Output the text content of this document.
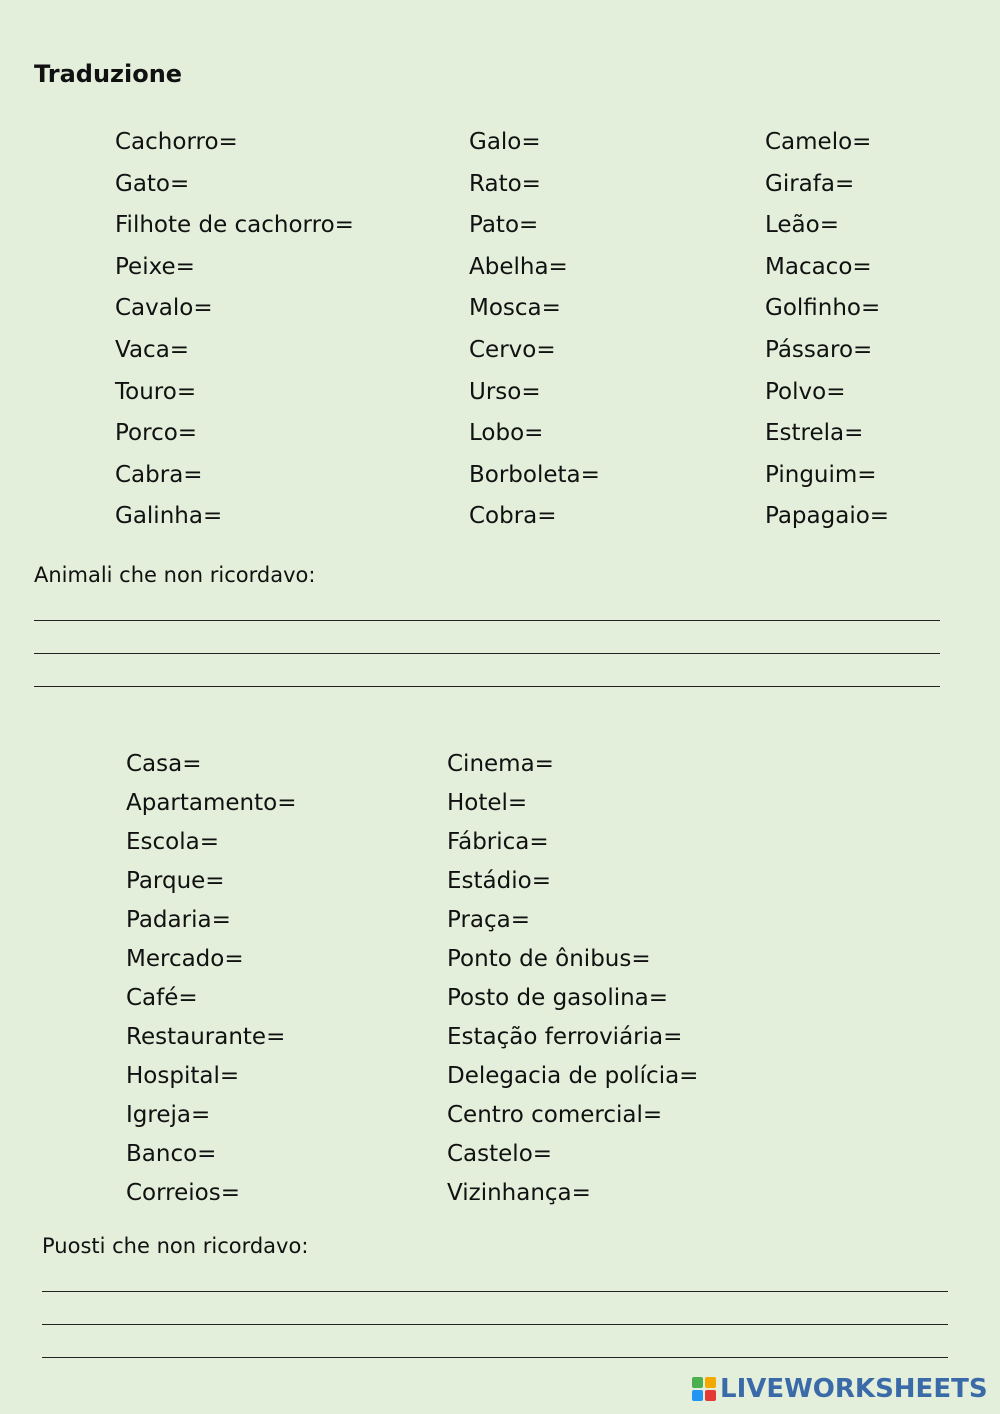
Traduzione
Cachorro=
Gato=
Filhote de cachorro=
Peixe=
Cavalo=
Vaca=
Touro=
Porco=
Cabra=
Galinha=
Galo=
Rato=
Pato=
Abelha=
Mosca=
Cervo=
Urso=
Lobo=
Borboleta=
Cobra=
Camelo=
Girafa=
Leão=
Macaco=
Golfinho=
Pássaro=
Polvo=
Estrela=
Pinguim=
Papagaio=
Animali che non ricordavo:
Casa=
Apartamento=
Escola=
Parque=
Padaria=
Mercado=
Café=
Restaurante=
Hospital=
Igreja=
Banco=
Correios=
Cinema=
Hotel=
Fábrica=
Estádio=
Praça=
Ponto de ônibus=
Posto de gasolina=
Estação ferroviária=
Delegacia de polícia=
Centro comercial=
Castelo=
Vizinhança=
Puosti che non ricordavo:
LIVEWORKSHEETS
